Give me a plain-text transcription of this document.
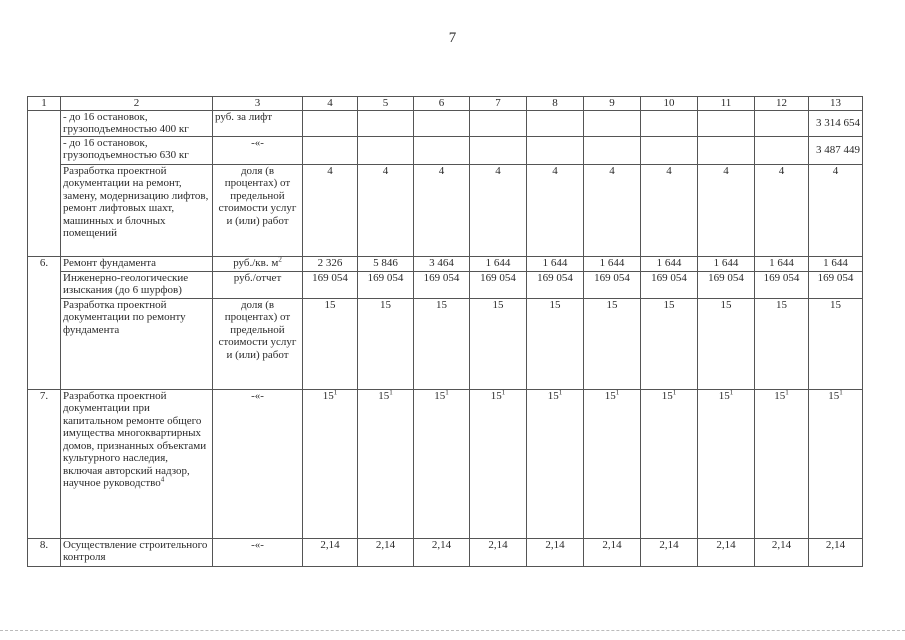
7
1	2	3	4	5	6	7	8	9	10	11	12	13
	- до 16 остановок, грузоподъемностью 400 кг	руб. за лифт										3 314 654
	- до 16 остановок, грузоподъемностью 630 кг	-«-										3 487 449
	Разработка проектной документации на ремонт, замену, модернизацию лифтов, ремонт лифтовых шахт, машинных и блочных помещений	доля (в процентах) от предельной стоимости услуг и (или) работ	4	4	4	4	4	4	4	4	4	4
6.	Ремонт фундамента	руб./кв. $м^2$	2 326	5 846	3 464	1 644	1 644	1 644	1 644	1 644	1 644	1 644
	Инженерно-геологические изыскания (до 6 шурфов)	руб./отчет	169 054	169 054	169 054	169 054	169 054	169 054	169 054	169 054	169 054	169 054
	Разработка проектной документации по ремонту фундамента	доля (в процентах) от предельной стоимости услуг и (или) работ	15	15	15	15	15	15	15	15	15	15
7.	Разработка проектной документации при капитальном ремонте общего имущества многоквартирных домов, признанных объектами культурного наследия, включая авторский надзор, научное руководство$^4$	-«-	$15^1$	$15^1$	$15^1$	$15^1$	$15^1$	$15^1$	$15^1$	$15^1$	$15^1$	$15^1$
8.	Осуществление строительного контроля	-«-	2,14	2,14	2,14	2,14	2,14	2,14	2,14	2,14	2,14	2,14
